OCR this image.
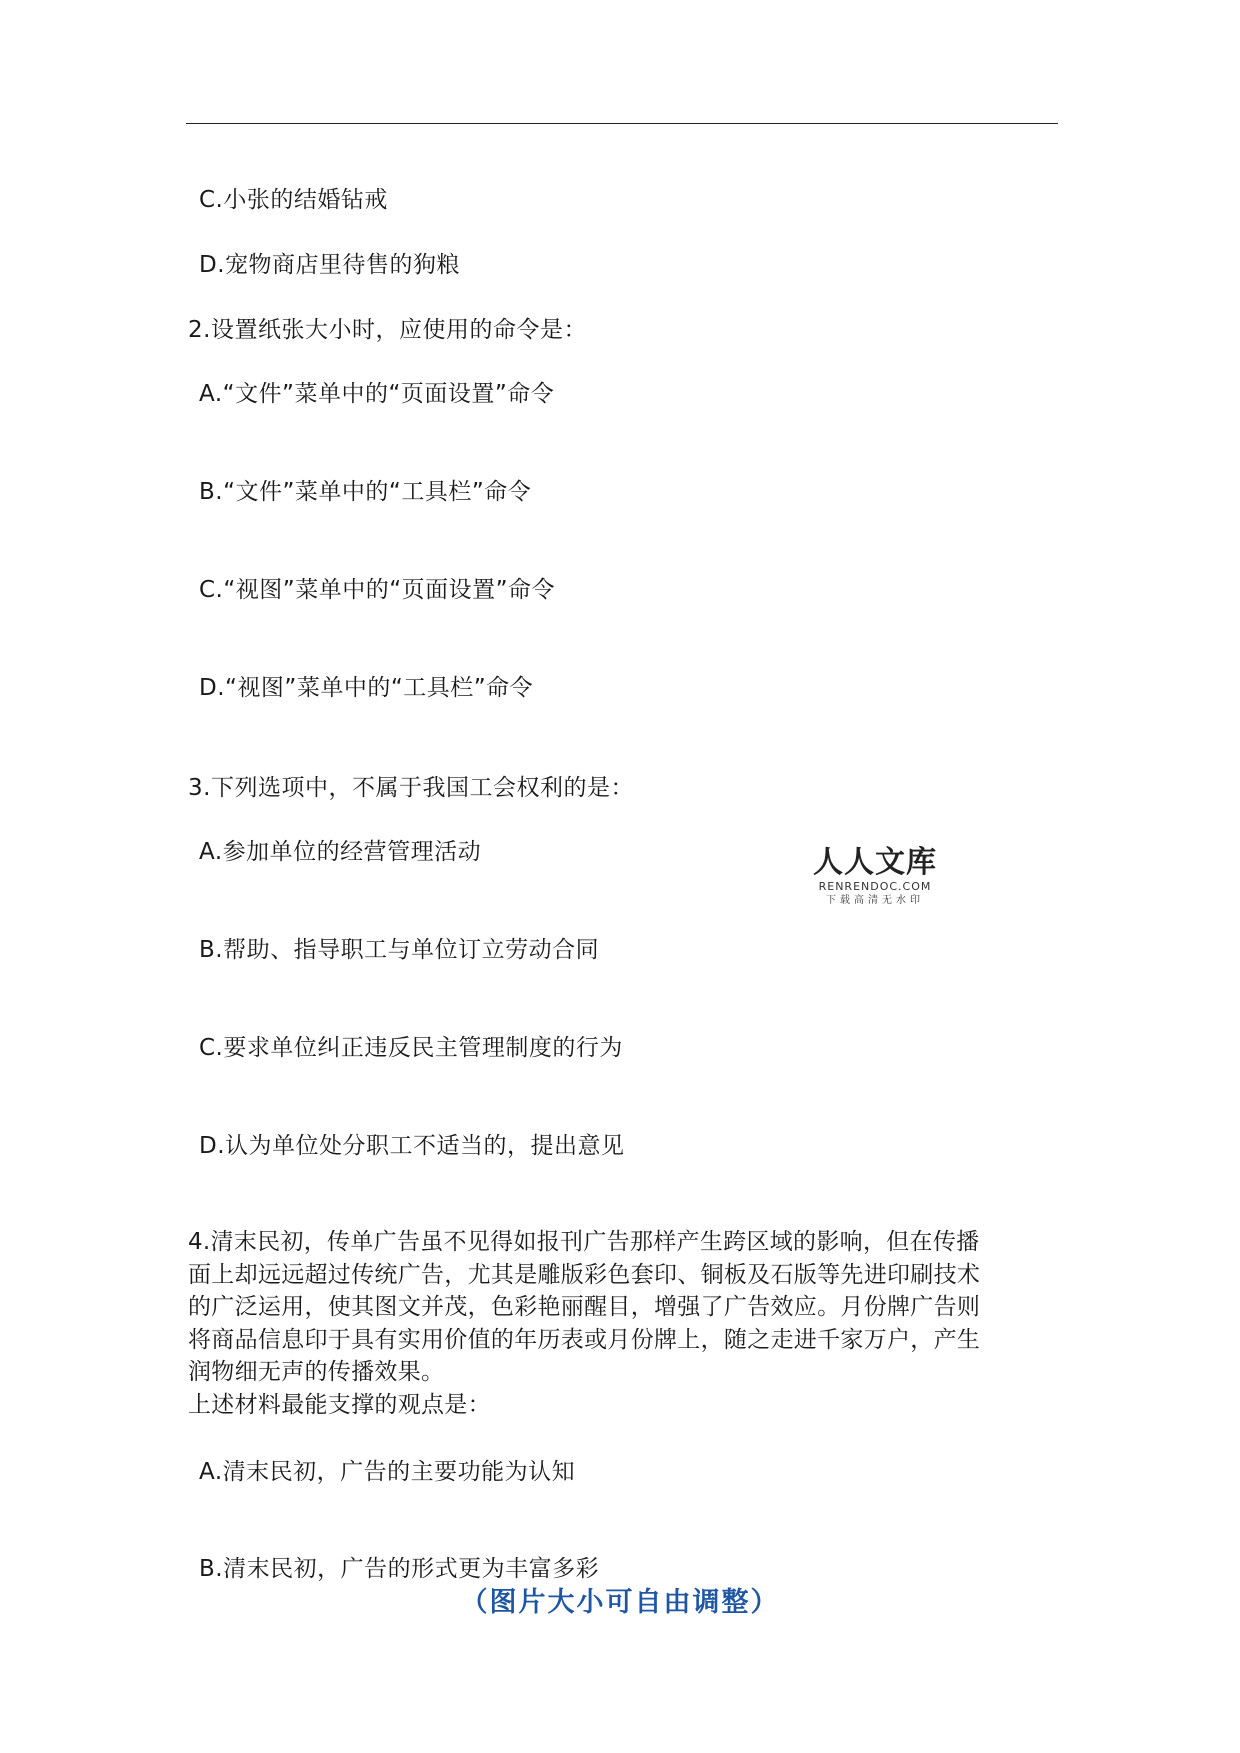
C.小张的结婚钻戒
D.宠物商店里待售的狗粮
2.设置纸张大小时，应使用的命令是：
A.“文件”菜单中的“页面设置”命令
B.“文件”菜单中的“工具栏”命令
C.“视图”菜单中的“页面设置”命令
D.“视图”菜单中的“工具栏”命令
3.下列选项中，不属于我国工会权利的是：
A.参加单位的经营管理活动
B.帮助、指导职工与单位订立劳动合同
C.要求单位纠正违反民主管理制度的行为
D.认为单位处分职工不适当的，提出意见
4.清末民初，传单广告虽不见得如报刊广告那样产生跨区域的影响，但在传播
面上却远远超过传统广告，尤其是雕版彩色套印、铜板及石版等先进印刷技术
的广泛运用，使其图文并茂，色彩艳丽醒目，增强了广告效应。月份牌广告则
将商品信息印于具有实用价值的年历表或月份牌上，随之走进千家万户，产生
润物细无声的传播效果。
上述材料最能支撑的观点是：
A.清末民初，广告的主要功能为认知
B.清末民初，广告的形式更为丰富多彩
人人文库
RENRENDOC.COM
下载高清无水印
（图片大小可自由调整）
